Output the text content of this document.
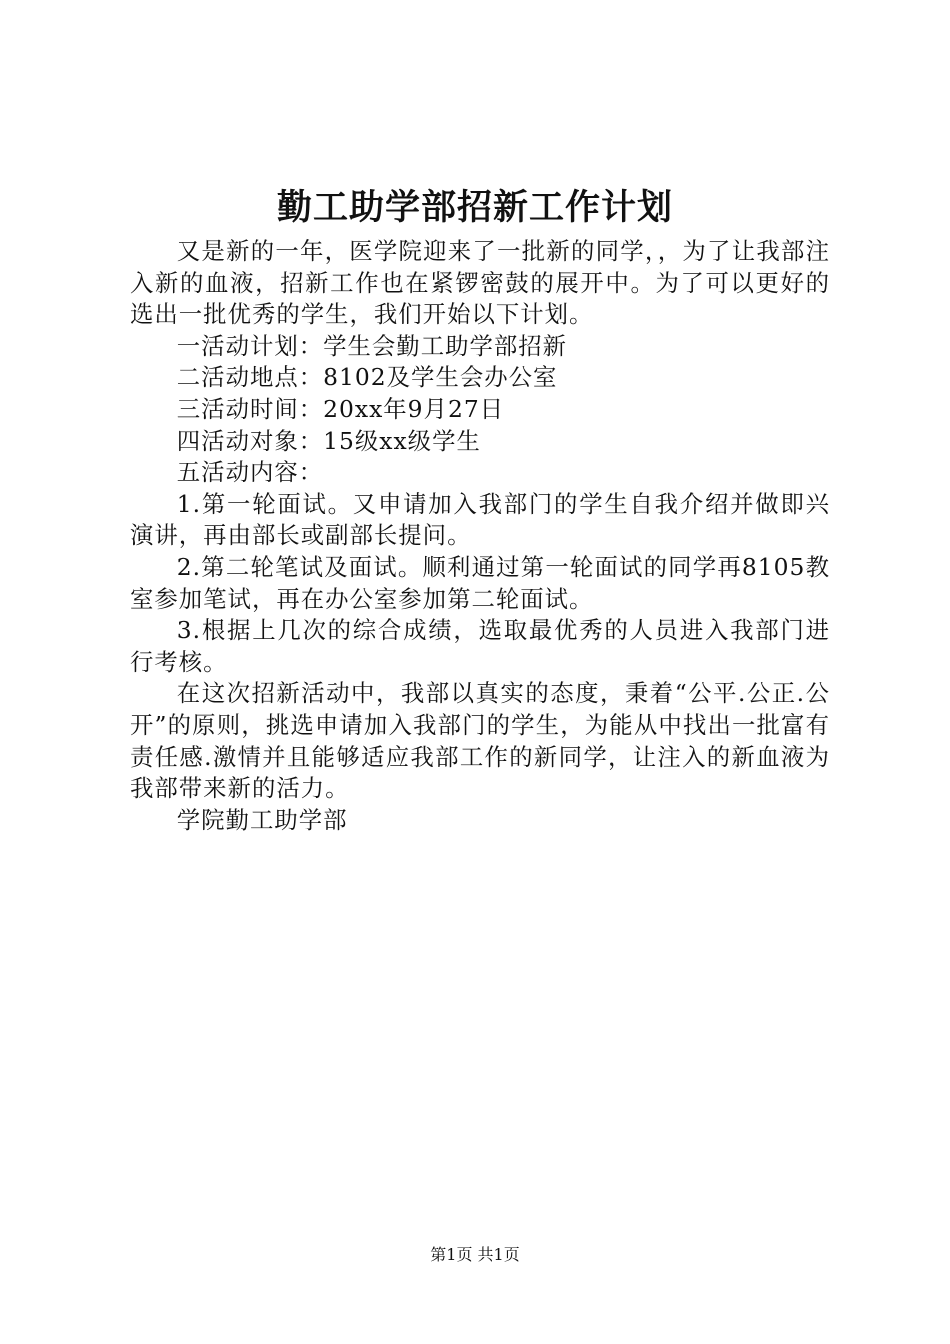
勤工助学部招新工作计划

又是新的一年，医学院迎来了一批新的同学，，为了让我部注入新的血液，招新工作也在紧锣密鼓的展开中。为了可以更好的选出一批优秀的学生，我们开始以下计划。

一活动计划：学生会勤工助学部招新

二活动地点：8102及学生会办公室

三活动时间：20xx年9月27日

四活动对象：15级xx级学生

五活动内容：

1.第一轮面试。又申请加入我部门的学生自我介绍并做即兴演讲，再由部长或副部长提问。

2.第二轮笔试及面试。顺利通过第一轮面试的同学再8105教室参加笔试，再在办公室参加第二轮面试。

3.根据上几次的综合成绩，选取最优秀的人员进入我部门进行考核。

在这次招新活动中，我部以真实的态度，秉着“公平.公正.公开”的原则，挑选申请加入我部门的学生，为能从中找出一批富有责任感.激情并且能够适应我部工作的新同学，让注入的新血液为我部带来新的活力。

学院勤工助学部

第1页 共1页
